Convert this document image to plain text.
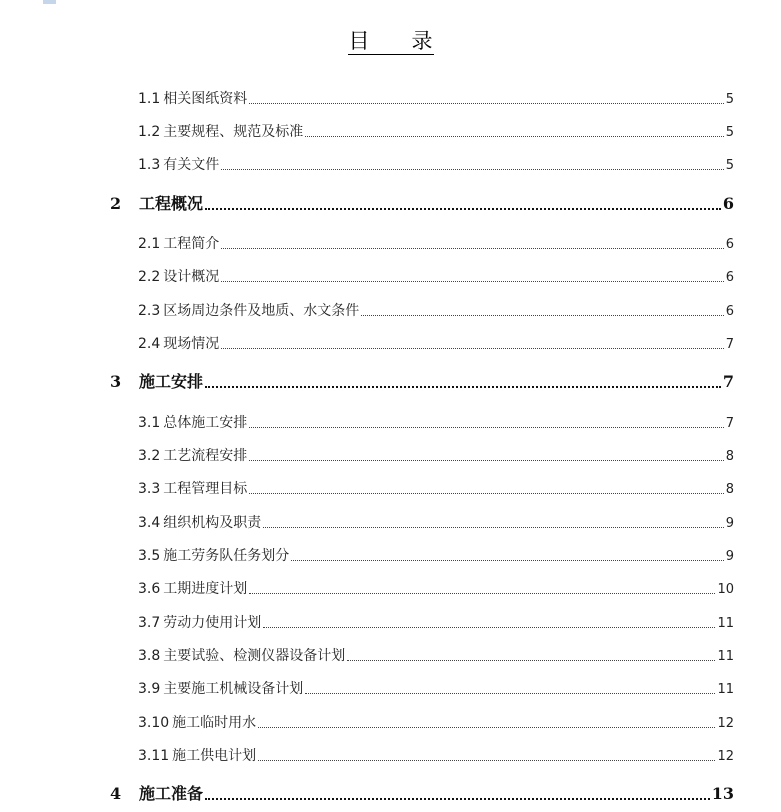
目　　录
1.1 相关图纸资料	5
1.2 主要规程、规范及标准	5
1.3 有关文件	5
2	工程概况	6
2.1 工程简介	6
2.2 设计概况	6
2.3 区场周边条件及地质、水文条件	6
2.4 现场情况	7
3	施工安排	7
3.1 总体施工安排	7
3.2 工艺流程安排	8
3.3 工程管理目标	8
3.4 组织机构及职责	9
3.5 施工劳务队任务划分	9
3.6 工期进度计划	10
3.7 劳动力使用计划	11
3.8 主要试验、检测仪器设备计划	11
3.9 主要施工机械设备计划	11
3.10 施工临时用水	12
3.11 施工供电计划	12
4	施工准备	13
